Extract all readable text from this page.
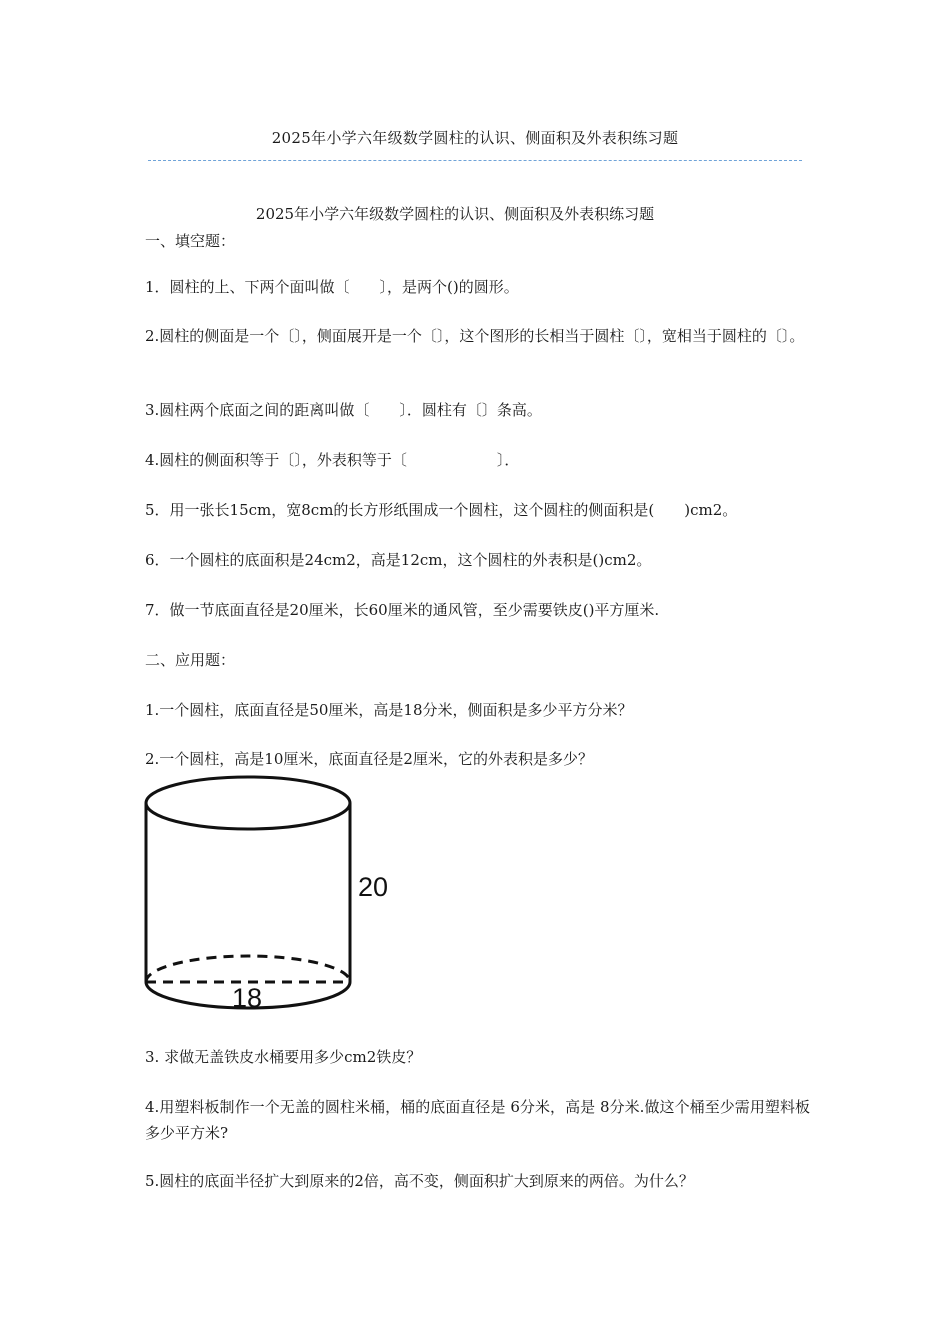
2025年小学六年级数学圆柱的认识、侧面积及外表积练习题
2025年小学六年级数学圆柱的认识、侧面积及外表积练习题
一、填空题：
1．圆柱的上、下两个面叫做〔　　〕，是两个()的圆形。
2.圆柱的侧面是一个〔〕，侧面展开是一个〔〕，这个图形的长相当于圆柱〔〕，宽相当于圆柱的〔〕。
3.圆柱两个底面之间的距离叫做〔　　〕．圆柱有〔〕条高。
4.圆柱的侧面积等于〔〕，外表积等于〔　　　　　　〕．
5．用一张长15cm，宽8cm的长方形纸围成一个圆柱，这个圆柱的侧面积是(　　)cm2。
6．一个圆柱的底面积是24cm2，高是12cm，这个圆柱的外表积是()cm2。
7．做一节底面直径是20厘米，长60厘米的通风管，至少需要铁皮()平方厘米.
二、应用题：
1.一个圆柱，底面直径是50厘米，高是18分米，侧面积是多少平方分米？
2.一个圆柱，高是10厘米，底面直径是2厘米，它的外表积是多少？
20
18
3. 求做无盖铁皮水桶要用多少cm2铁皮？
4.用塑料板制作一个无盖的圆柱米桶，桶的底面直径是 6分米，高是 8分米.做这个桶至少需用塑料板多少平方米?
5.圆柱的底面半径扩大到原来的2倍，高不变，侧面积扩大到原来的两倍。为什么？
